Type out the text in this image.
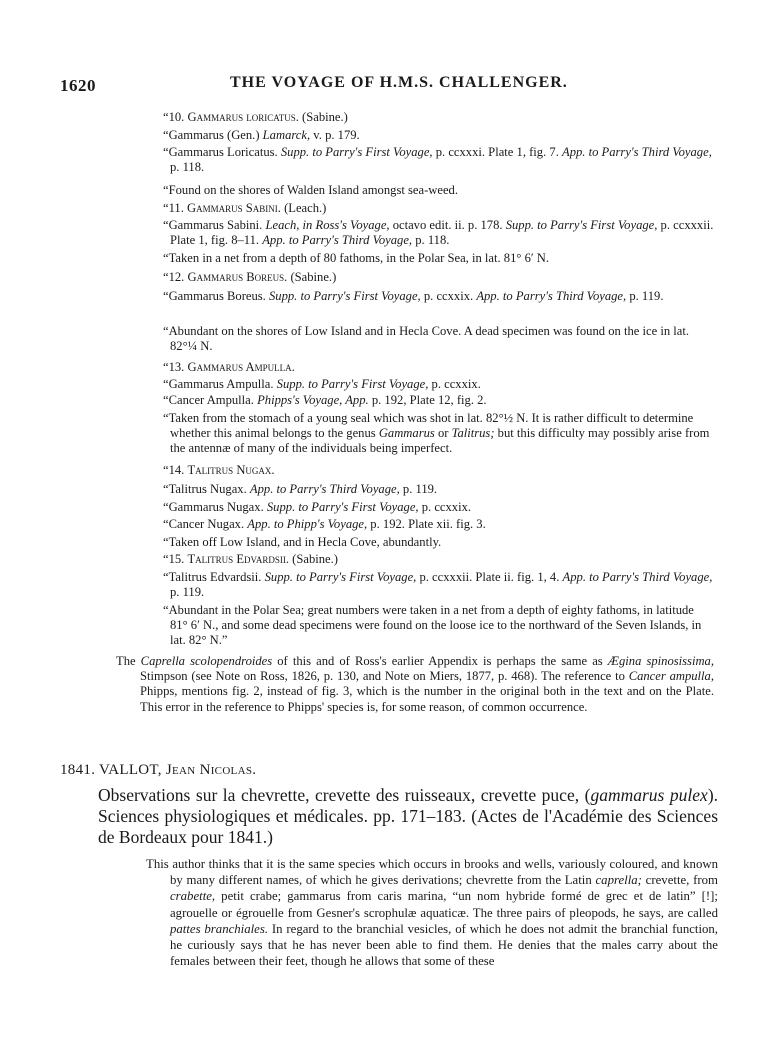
1620	THE VOYAGE OF H.M.S. CHALLENGER.
“10. Gammarus loricatus. (Sabine.)
“Gammarus (Gen.) Lamarck, v. p. 179.
“Gammarus Loricatus. Supp. to Parry's First Voyage, p. ccxxxi. Plate 1, fig. 7. App. to Parry's Third Voyage, p. 118.
“Found on the shores of Walden Island amongst sea-weed.
“11. Gammarus Sabini. (Leach.)
“Gammarus Sabini. Leach, in Ross's Voyage, octavo edit. ii. p. 178. Supp. to Parry's First Voyage, p. ccxxxii. Plate 1, fig. 8–11. App. to Parry's Third Voyage, p. 118.
“Taken in a net from a depth of 80 fathoms, in the Polar Sea, in lat. 81° 6′ N.
“12. Gammarus Boreus. (Sabine.)
“Gammarus Boreus. Supp. to Parry's First Voyage, p. ccxxix. App. to Parry's Third Voyage, p. 119.
“Abundant on the shores of Low Island and in Hecla Cove. A dead specimen was found on the ice in lat. 82°¼ N.
“13. Gammarus Ampulla.
“Gammarus Ampulla. Supp. to Parry's First Voyage, p. ccxxix.
“Cancer Ampulla. Phipps's Voyage, App. p. 192, Plate 12, fig. 2.
“Taken from the stomach of a young seal which was shot in lat. 82°½ N. It is rather difficult to determine whether this animal belongs to the genus Gammarus or Talitrus; but this difficulty may possibly arise from the antennæ of many of the individuals being imperfect.
“14. Talitrus Nugax.
“Talitrus Nugax. App. to Parry's Third Voyage, p. 119.
“Gammarus Nugax. Supp. to Parry's First Voyage, p. ccxxix.
“Cancer Nugax. App. to Phipp's Voyage, p. 192. Plate xii. fig. 3.
“Taken off Low Island, and in Hecla Cove, abundantly.
“15. Talitrus Edvardsii. (Sabine.)
“Talitrus Edvardsii. Supp. to Parry's First Voyage, p. ccxxxii. Plate ii. fig. 1, 4. App. to Parry's Third Voyage, p. 119.
“Abundant in the Polar Sea; great numbers were taken in a net from a depth of eighty fathoms, in latitude 81° 6′ N., and some dead specimens were found on the loose ice to the northward of the Seven Islands, in lat. 82° N.”
The Caprella scolopendroides of this and of Ross's earlier Appendix is perhaps the same as Ægina spinosissima, Stimpson (see Note on Ross, 1826, p. 130, and Note on Miers, 1877, p. 468). The reference to Cancer ampulla, Phipps, mentions fig. 2, instead of fig. 3, which is the number in the original both in the text and on the Plate. This error in the reference to Phipps' species is, for some reason, of common occurrence.
1841. VALLOT, Jean Nicolas.
Observations sur la chevrette, crevette des ruisseaux, crevette puce, (gammarus pulex). Sciences physiologiques et médicales. pp. 171–183. (Actes de l'Académie des Sciences de Bordeaux pour 1841.)
This author thinks that it is the same species which occurs in brooks and wells, variously coloured, and known by many different names, of which he gives derivations; chevrette from the Latin caprella; crevette, from crabette, petit crabe; gammarus from caris marina, “un nom hybride formé de grec et de latin” [!]; agrouelle or égrouelle from Gesner's scrophulæ aquaticæ. The three pairs of pleopods, he says, are called pattes branchiales. In regard to the branchial vesicles, of which he does not admit the branchial function, he curiously says that he has never been able to find them. He denies that the males carry about the females between their feet, though he allows that some of these
